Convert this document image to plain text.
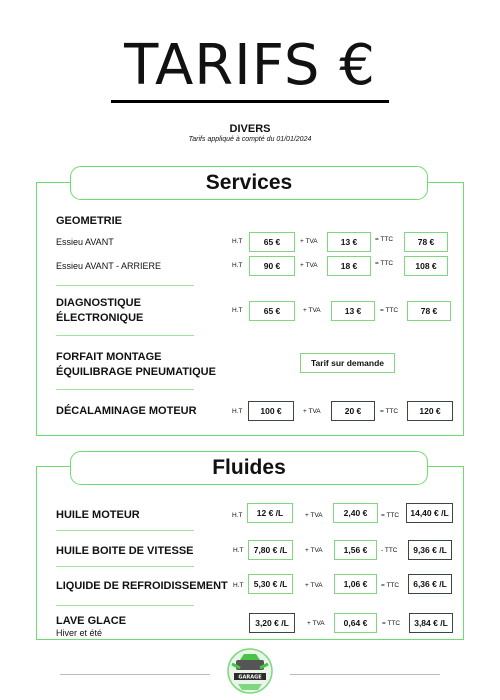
TARIFS €
DIVERS
Tarifs appliqué à compté du 01/01/2024
Services
GEOMETRIE
Essieu AVANT	H.T	65 €	+ TVA	13 €	= TTC	78 €
Essieu AVANT - ARRIERE	H.T	90 €	+ TVA	18 €	= TTC	108 €
DIAGNOSTIQUE
ÉLECTRONIQUE
H.T	65 €	+ TVA	13 €	= TTC	78 €
FORFAIT MONTAGE
ÉQUILIBRAGE PNEUMATIQUE
Tarif sur demande
DÉCALAMINAGE MOTEUR	H.T	100 €	+ TVA	20 €	= TTC	120 €
Fluides
HUILE MOTEUR	H.T	12 € /L	+ TVA	2,40 €	= TTC	14,40 € /L
HUILE BOITE DE VITESSE	H.T	7,80 € /L	+ TVA	1,56 €	- TTC	9,36 € /L
LIQUIDE DE REFROIDISSEMENT H.T	5,30 € /L	+ TVA	1,06 €	= TTC	6,36 € /L
LAVE GLACE
Hiver et été
3,20 € /L	+ TVA	0,64 €	= TTC	3,84 € /L
GARAGE
